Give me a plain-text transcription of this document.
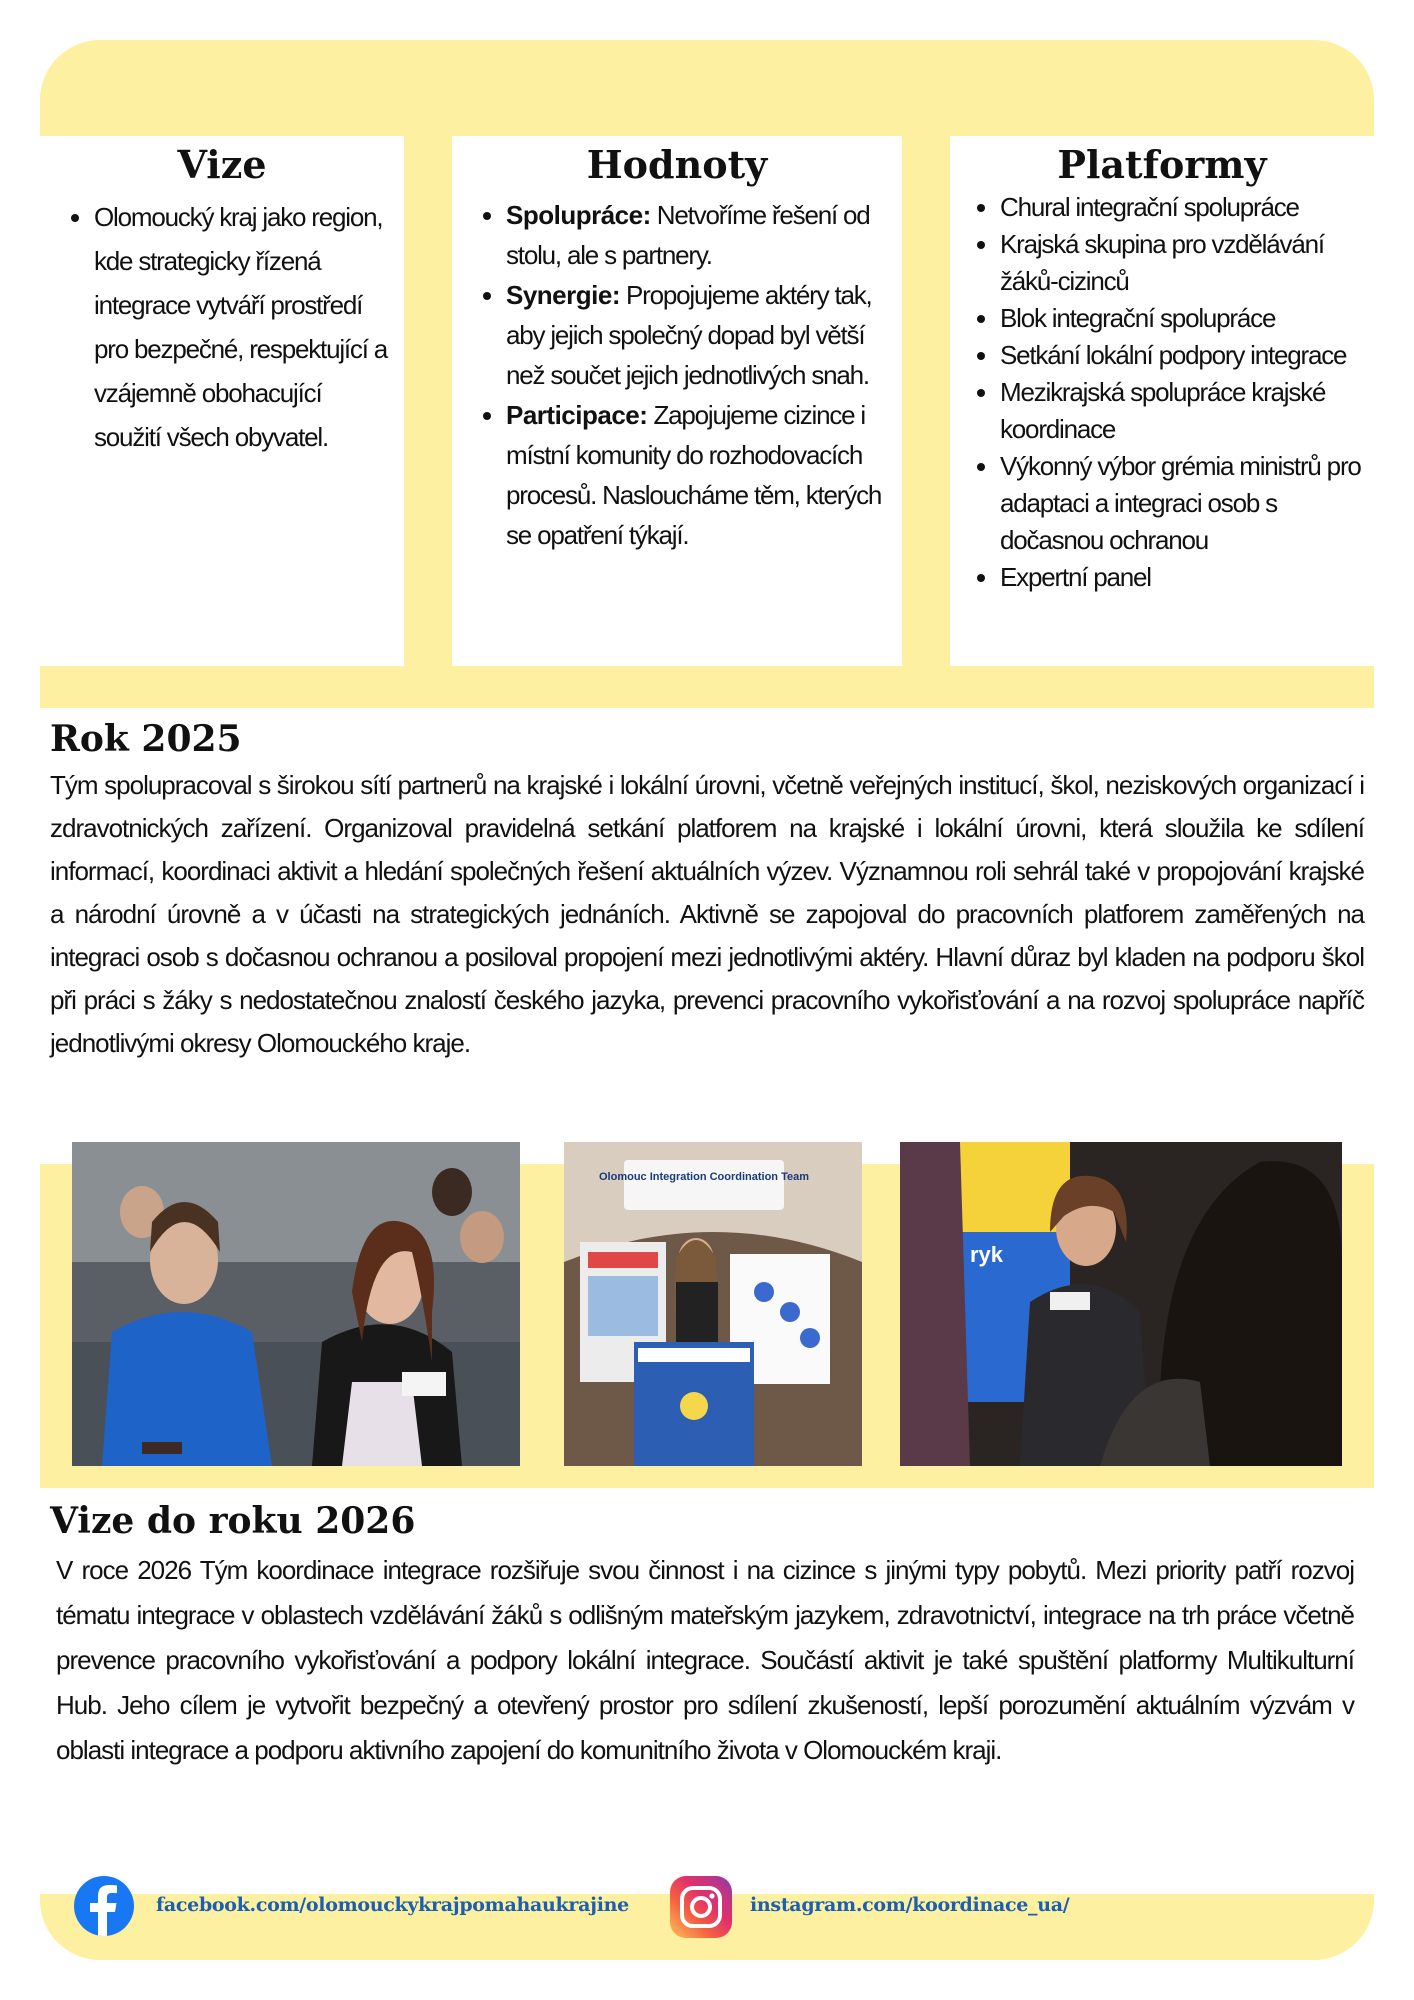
Vize
• Olomoucký kraj jako region, kde strategicky řízená integrace vytváří prostředí pro bezpečné, respektující a vzájemně obohacující soužití všech obyvatel.
Hodnoty
• Spolupráce: Netvoříme řešení od stolu, ale s partnery.
• Synergie: Propojujeme aktéry tak, aby jejich společný dopad byl větší než součet jejich jednotlivých snah.
• Participace: Zapojujeme cizince i místní komunity do rozhodovacích procesů. Nasloucháme těm, kterých se opatření týkají.
Platformy
• Chural integrační spolupráce
• Krajská skupina pro vzdělávání žáků-cizinců
• Blok integrační spolupráce
• Setkání lokální podpory integrace
• Mezikrajská spolupráce krajské koordinace
• Výkonný výbor grémia ministrů pro adaptaci a integraci osob s dočasnou ochranou
• Expertní panel
Rok 2025

Tým spolupracoval s širokou sítí partnerů na krajské i lokální úrovni, včetně veřejných institucí, škol, neziskových organizací i zdravotnických zařízení. Organizoval pravidelná setkání platforem na krajské i lokální úrovni, která sloužila ke sdílení informací, koordinaci aktivit a hledání společných řešení aktuálních výzev. Významnou roli sehrál také v propojování krajské a národní úrovně a v účasti na strategických jednáních. Aktivně se zapojoval do pracovních platforem zaměřených na integraci osob s dočasnou ochranou a posiloval propojení mezi jednotlivými aktéry. Hlavní důraz byl kladen na podporu škol při práci s žáky s nedostatečnou znalostí českého jazyka, prevenci pracovního vykořisťování a na rozvoj spolupráce napříč jednotlivými okresy Olomouckého kraje.

Olomouc Integration Coordination Team
ryk
Vize do roku 2026

V roce 2026 Tým koordinace integrace rozšiřuje svou činnost i na cizince s jinými typy pobytů. Mezi priority patří rozvoj tématu integrace v oblastech vzdělávání žáků s odlišným mateřským jazykem, zdravotnictví, integrace na trh práce včetně prevence pracovního vykořisťování a podpory lokální integrace. Součástí aktivit je také spuštění platformy Multikulturní Hub. Jeho cílem je vytvořit bezpečný a otevřený prostor pro sdílení zkušeností, lepší porozumění aktuálním výzvám v oblasti integrace a podporu aktivního zapojení do komunitního života v Olomouckém kraji.

facebook.com/olomouckykrajpomahaukrajine	instagram.com/koordinace_ua/
